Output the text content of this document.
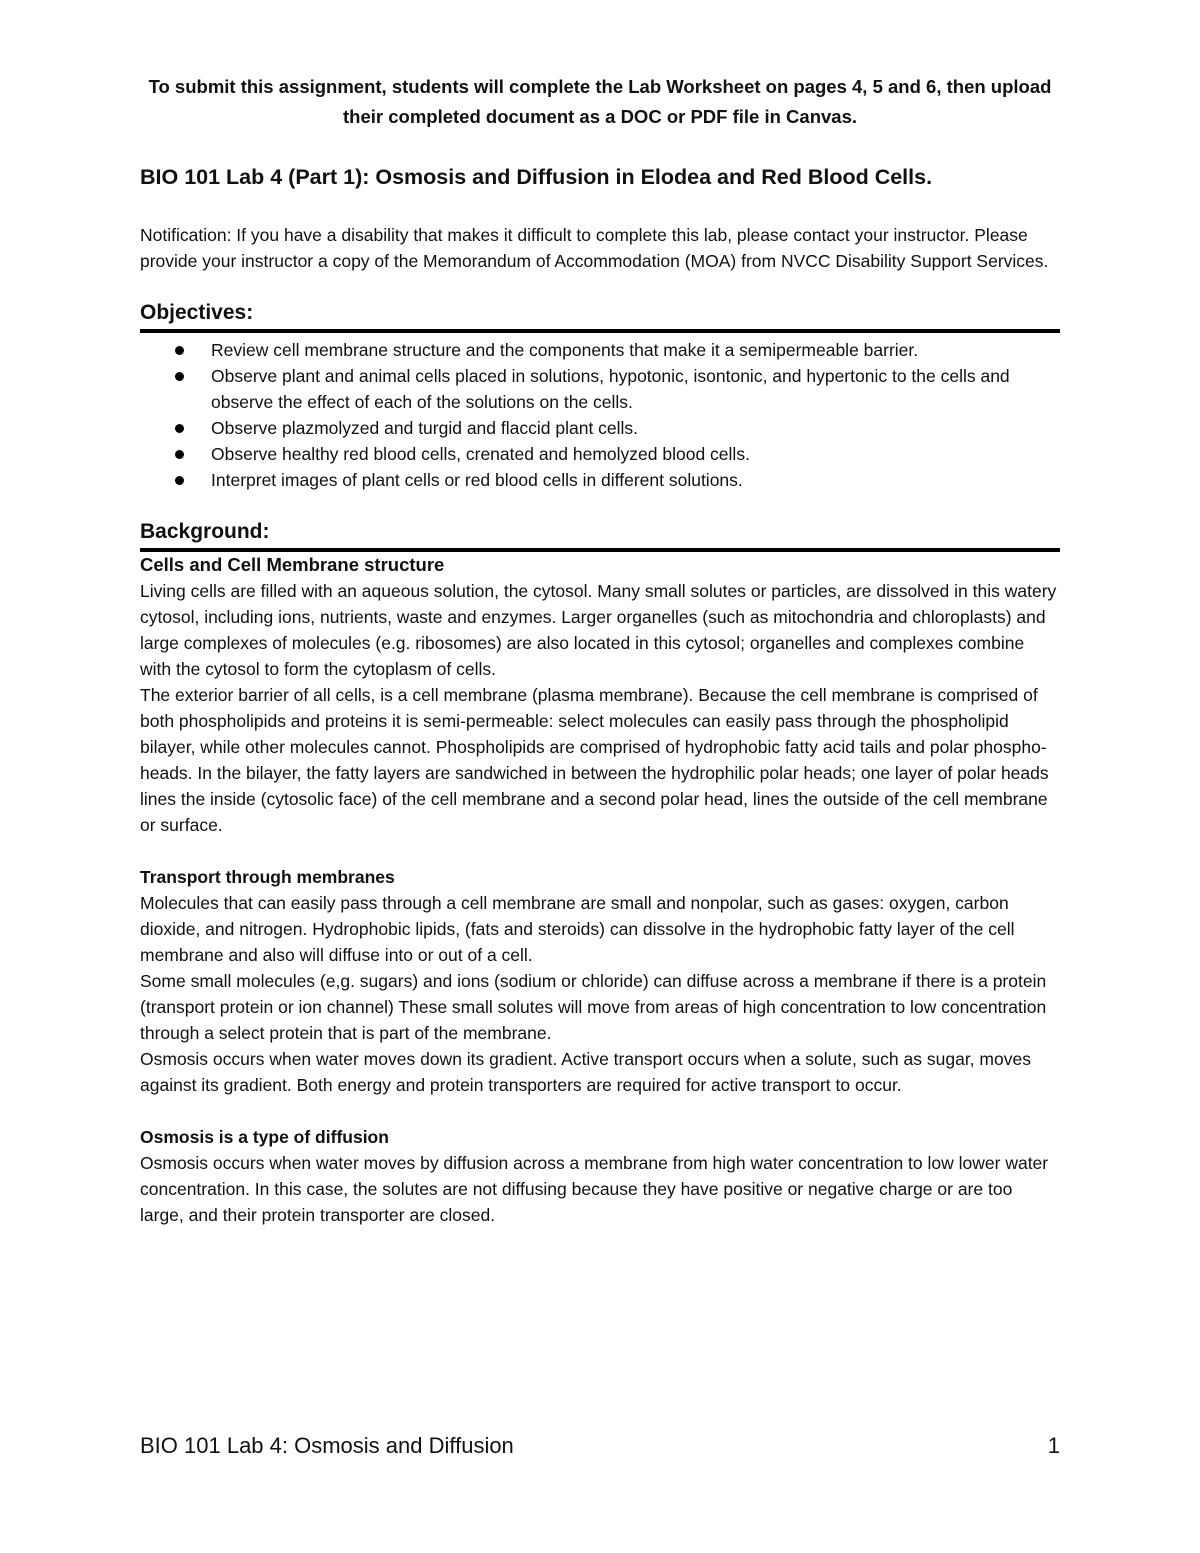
To submit this assignment, students will complete the Lab Worksheet on pages 4, 5 and 6, then upload their completed document as a DOC or PDF file in Canvas.

BIO 101 Lab 4 (Part 1): Osmosis and Diffusion in Elodea and Red Blood Cells.

Notification: If you have a disability that makes it difficult to complete this lab, please contact your instructor. Please provide your instructor a copy of the Memorandum of Accommodation (MOA) from NVCC Disability Support Services.

Objectives:
Review cell membrane structure and the components that make it a semipermeable barrier.
Observe plant and animal cells placed in solutions, hypotonic, isontonic, and hypertonic to the cells and observe the effect of each of the solutions on the cells.
Observe plazmolyzed and turgid and flaccid plant cells.
Observe healthy red blood cells, crenated and hemolyzed blood cells.
Interpret images of plant cells or red blood cells in different solutions.
Background:
Cells and Cell Membrane structure

Living cells are filled with an aqueous solution, the cytosol. Many small solutes or particles, are dissolved in this watery cytosol, including ions, nutrients, waste and enzymes. Larger organelles (such as mitochondria and chloroplasts) and large complexes of molecules (e.g. ribosomes) are also located in this cytosol; organelles and complexes combine with the cytosol to form the cytoplasm of cells.

The exterior barrier of all cells, is a cell membrane (plasma membrane). Because the cell membrane is comprised of both phospholipids and proteins it is semi-permeable: select molecules can easily pass through the phospholipid bilayer, while other molecules cannot. Phospholipids are comprised of hydrophobic fatty acid tails and polar phospho- heads. In the bilayer, the fatty layers are sandwiched in between the hydrophilic polar heads; one layer of polar heads lines the inside (cytosolic face) of the cell membrane and a second polar head, lines the outside of the cell membrane or surface.

Transport through membranes

Molecules that can easily pass through a cell membrane are small and nonpolar, such as gases: oxygen, carbon dioxide, and nitrogen. Hydrophobic lipids, (fats and steroids) can dissolve in the hydrophobic fatty layer of the cell membrane and also will diffuse into or out of a cell.

Some small molecules (e,g. sugars) and ions (sodium or chloride) can diffuse across a membrane if there is a protein (transport protein or ion channel) These small solutes will move from areas of high concentration to low concentration through a select protein that is part of the membrane.

Osmosis occurs when water moves down its gradient. Active transport occurs when a solute, such as sugar, moves against its gradient. Both energy and protein transporters are required for active transport to occur.

Osmosis is a type of diffusion

Osmosis occurs when water moves by diffusion across a membrane from high water concentration to low lower water concentration. In this case, the solutes are not diffusing because they have positive or negative charge or are too large, and their protein transporter are closed.

BIO 101 Lab 4: Osmosis and Diffusion	1
